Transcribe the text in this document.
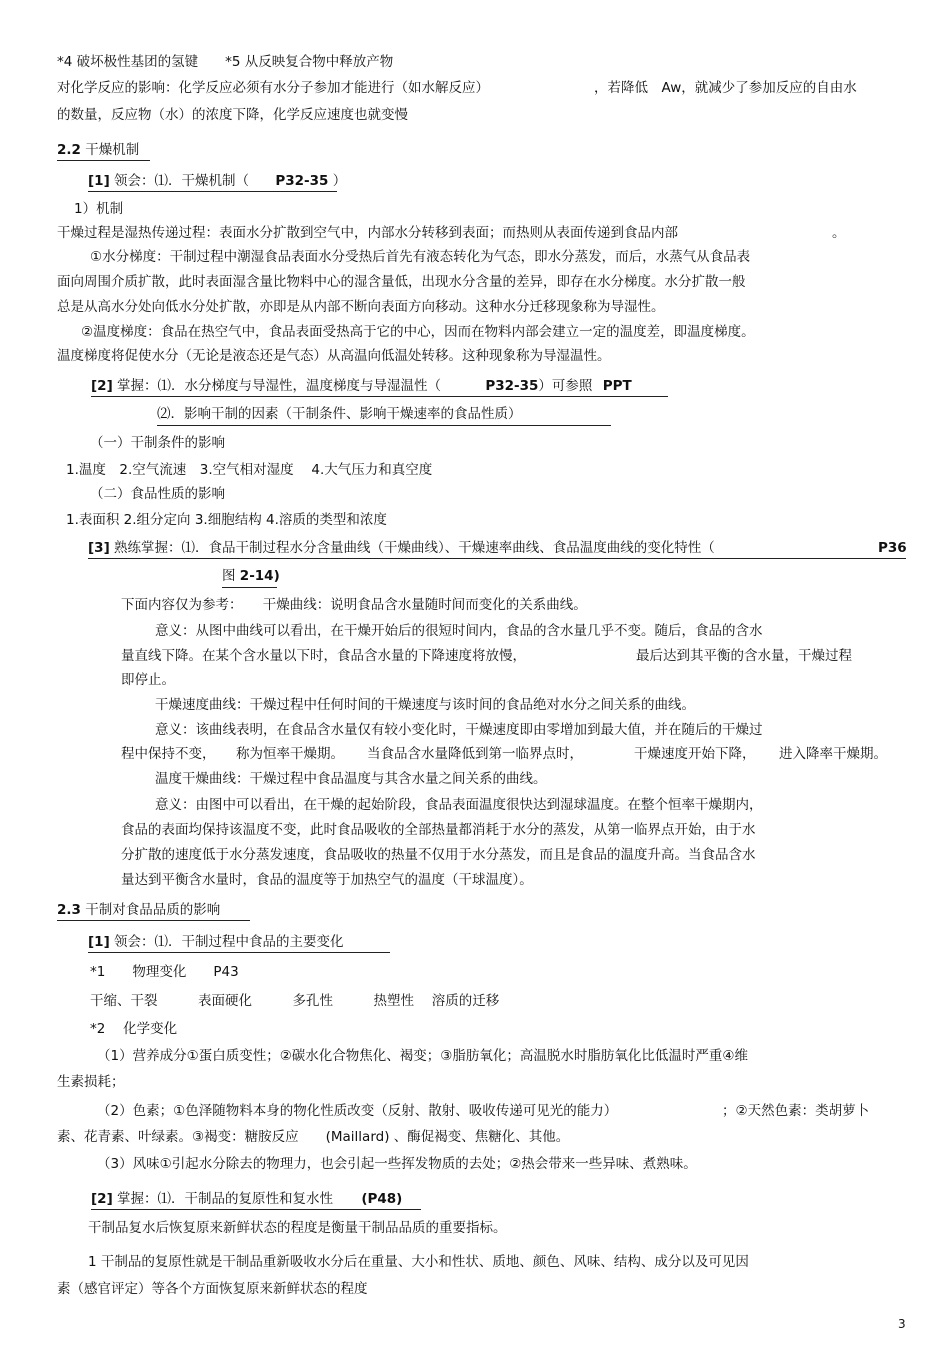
*4 破坏极性基团的氢键　　*5 从反映复合物中释放产物
对化学反应的影响：化学反应必须有水分子参加才能进行（如水解反应）	，若降低　Aw，就减少了参加反应的自由水
的数量，反应物（水）的浓度下降，化学反应速度也就变慢
2.2 干燥机制
[1] 领会：⑴．干燥机制（ P32-35 ）
1）机制
干燥过程是湿热传递过程：表面水分扩散到空气中，内部水分转移到表面；而热则从表面传递到食品内部	。
①水分梯度：干制过程中潮湿食品表面水分受热后首先有液态转化为气态，即水分蒸发，而后，水蒸气从食品表
面向周围介质扩散，此时表面湿含量比物料中心的湿含量低，出现水分含量的差异，即存在水分梯度。水分扩散一般
总是从高水分处向低水分处扩散，亦即是从内部不断向表面方向移动。这种水分迁移现象称为导湿性。
②温度梯度：食品在热空气中，食品表面受热高于它的中心，因而在物料内部会建立一定的温度差，即温度梯度。
温度梯度将促使水分（无论是液态还是气态）从高温向低温处转移。这种现象称为导湿温性。
[2] 掌握：⑴．水分梯度与导湿性，温度梯度与导湿温性（	P32-35）可参照 PPT
⑵．影响干制的因素（干制条件、影响干燥速率的食品性质）
（一）干制条件的影响
1.温度　2.空气流速　3.空气相对湿度　 4.大气压力和真空度
（二）食品性质的影响
1.表面积 2.组分定向 3.细胞结构 4.溶质的类型和浓度
[3] 熟练掌握：⑴．食品干制过程水分含量曲线（干燥曲线）、干燥速率曲线、食品温度曲线的变化特性（	P36
图 2-14)
下面内容仅为参考：　　干燥曲线：说明食品含水量随时间而变化的关系曲线。
意义：从图中曲线可以看出，在干燥开始后的很短时间内，食品的含水量几乎不变。随后，食品的含水
量直线下降。在某个含水量以下时，食品含水量的下降速度将放慢，	最后达到其平衡的含水量，干燥过程
即停止。
干燥速度曲线：干燥过程中任何时间的干燥速度与该时间的食品绝对水分之间关系的曲线。
意义：该曲线表明，在食品含水量仅有较小变化时，干燥速度即由零增加到最大值，并在随后的干燥过
程中保持不变， 称为恒率干燥期。 当食品含水量降低到第一临界点时，	干燥速度开始下降， 进入降率干燥期。
温度干燥曲线：干燥过程中食品温度与其含水量之间关系的曲线。
意义：由图中可以看出，在干燥的起始阶段，食品表面温度很快达到湿球温度。在整个恒率干燥期内，
食品的表面均保持该温度不变，此时食品吸收的全部热量都消耗于水分的蒸发，从第一临界点开始，由于水
分扩散的速度低于水分蒸发速度，食品吸收的热量不仅用于水分蒸发，而且是食品的温度升高。当食品含水
量达到平衡含水量时，食品的温度等于加热空气的温度（干球温度）。
2.3 干制对食品品质的影响
[1] 领会：⑴．干制过程中食品的主要变化
*1　　物理变化　　P43
干缩、干裂　　　表面硬化　　　多孔性　　　热塑性　 溶质的迁移
*2　 化学变化
（1）营养成分①蛋白质变性；②碳水化合物焦化、褐变；③脂肪氧化；高温脱水时脂肪氧化比低温时严重④维
生素损耗；
（2）色素；①色泽随物料本身的物化性质改变（反射、散射、吸收传递可见光的能力）	；②天然色素：类胡萝卜
素、花青素、叶绿素。③褐变：糖胺反应　　(Maillard) 、酶促褐变、焦糖化、其他。
（3）风味①引起水分除去的物理力，也会引起一些挥发物质的去处；②热会带来一些异味、煮熟味。
[2] 掌握：⑴．干制品的复原性和复水性 (P48)
干制品复水后恢复原来新鲜状态的程度是衡量干制品品质的重要指标。
1 干制品的复原性就是干制品重新吸收水分后在重量、大小和性状、质地、颜色、风味、结构、成分以及可见因
素（感官评定）等各个方面恢复原来新鲜状态的程度
3
